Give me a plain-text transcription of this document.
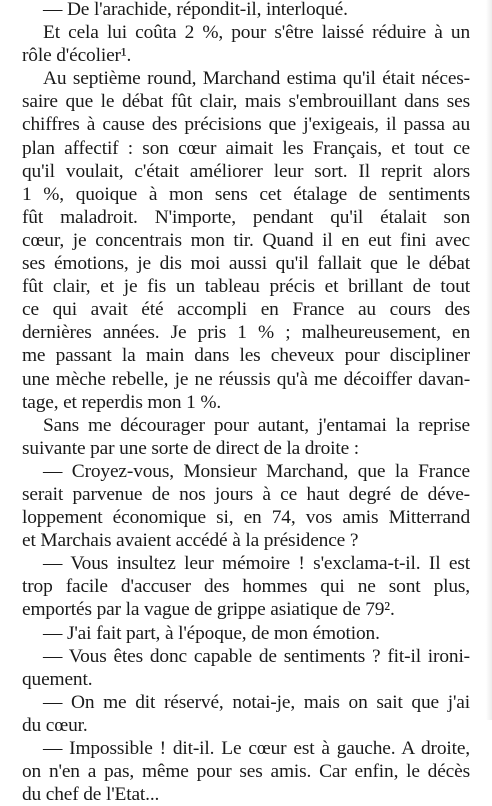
— De l'arachide, répondit-il, interloqué.
Et cela lui coûta 2 %, pour s'être laissé réduire à un
rôle d'écolier¹.
Au septième round, Marchand estima qu'il était néces-
saire que le débat fût clair, mais s'embrouillant dans ses
chiffres à cause des précisions que j'exigeais, il passa au
plan affectif : son cœur aimait les Français, et tout ce
qu'il voulait, c'était améliorer leur sort. Il reprit alors
1 %, quoique à mon sens cet étalage de sentiments
fût maladroit. N'importe, pendant qu'il étalait son
cœur, je concentrais mon tir. Quand il en eut fini avec
ses émotions, je dis moi aussi qu'il fallait que le débat
fût clair, et je fis un tableau précis et brillant de tout
ce qui avait été accompli en France au cours des
dernières années. Je pris 1 % ; malheureusement, en
me passant la main dans les cheveux pour discipliner
une mèche rebelle, je ne réussis qu'à me décoiffer davan-
tage, et reperdis mon 1 %.
Sans me décourager pour autant, j'entamai la reprise
suivante par une sorte de direct de la droite :
— Croyez-vous, Monsieur Marchand, que la France
serait parvenue de nos jours à ce haut degré de déve-
loppement économique si, en 74, vos amis Mitterrand
et Marchais avaient accédé à la présidence ?
— Vous insultez leur mémoire ! s'exclama-t-il. Il est
trop facile d'accuser des hommes qui ne sont plus,
emportés par la vague de grippe asiatique de 79².
— J'ai fait part, à l'époque, de mon émotion.
— Vous êtes donc capable de sentiments ? fit-il ironi-
quement.
— On me dit réservé, notai-je, mais on sait que j'ai
du cœur.
— Impossible ! dit-il. Le cœur est à gauche. A droite,
on n'en a pas, même pour ses amis. Car enfin, le décès
du chef de l'Etat...
